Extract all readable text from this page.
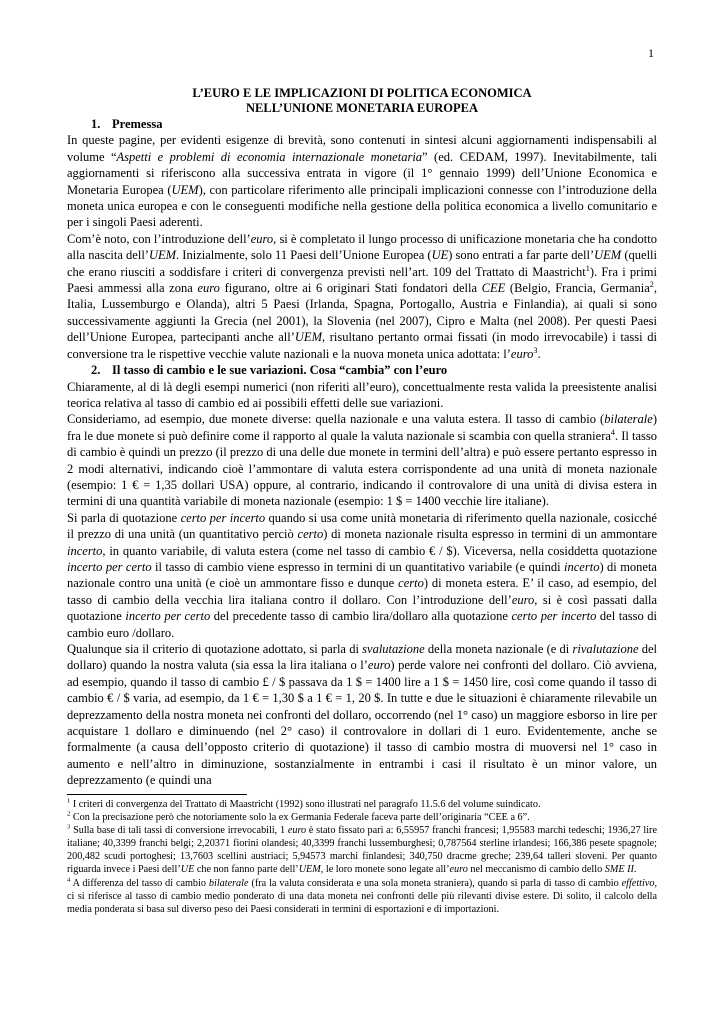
1
L’EURO E LE IMPLICAZIONI DI POLITICA ECONOMICA
NELL’UNIONE MONETARIA EUROPEA
1. Premessa
In queste pagine, per evidenti esigenze di brevità, sono contenuti in sintesi alcuni aggiornamenti indispensabili al volume “Aspetti e problemi di economia internazionale monetaria” (ed. CEDAM, 1997). Inevitabilmente, tali aggiornamenti si riferiscono alla successiva entrata in vigore (il 1° gennaio 1999) dell’Unione Economica e Monetaria Europea (UEM), con particolare riferimento alle principali implicazioni connesse con l’introduzione della moneta unica europea e con le conseguenti modifiche nella gestione della politica economica a livello comunitario e per i singoli Paesi aderenti.
Com’è noto, con l’introduzione dell’euro, si è completato il lungo processo di unificazione monetaria che ha condotto alla nascita dell’UEM. Inizialmente, solo 11 Paesi dell’Unione Europea (UE) sono entrati a far parte dell’UEM (quelli che erano riusciti a soddisfare i criteri di convergenza previsti nell’art. 109 del Trattato di Maastricht$^1$). Fra i primi Paesi ammessi alla zona euro figurano, oltre ai 6 originari Stati fondatori della CEE (Belgio, Francia, Germania$^2$, Italia, Lussemburgo e Olanda), altri 5 Paesi (Irlanda, Spagna, Portogallo, Austria e Finlandia), ai quali si sono successivamente aggiunti la Grecia (nel 2001), la Slovenia (nel 2007), Cipro e Malta (nel 2008). Per questi Paesi dell’Unione Europea, partecipanti anche all’UEM, risultano pertanto ormai fissati (in modo irrevocabile) i tassi di conversione tra le rispettive vecchie valute nazionali e la nuova moneta unica adottata: l’euro$^3$.
2. Il tasso di cambio e le sue variazioni. Cosa “cambia” con l’euro
Chiaramente, al di là degli esempi numerici (non riferiti all’euro), concettualmente resta valida la preesistente analisi teorica relativa al tasso di cambio ed ai possibili effetti delle sue variazioni.
Consideriamo, ad esempio, due monete diverse: quella nazionale e una valuta estera. Il tasso di cambio (bilaterale) fra le due monete si può definire come il rapporto al quale la valuta nazionale si scambia con quella straniera$^4$. Il tasso di cambio è quindi un prezzo (il prezzo di una delle due monete in termini dell’altra) e può essere pertanto espresso in 2 modi alternativi, indicando cioè l’ammontare di valuta estera corrispondente ad una unità di moneta nazionale (esempio: 1 € = 1,35 dollari USA) oppure, al contrario, indicando il controvalore di una unità di divisa estera in termini di una quantità variabile di moneta nazionale (esempio: 1 $ = 1400 vecchie lire italiane).
Si parla di quotazione certo per incerto quando si usa come unità monetaria di riferimento quella nazionale, cosicché il prezzo di una unità (un quantitativo perciò certo) di moneta nazionale risulta espresso in termini di un ammontare incerto, in quanto variabile, di valuta estera (come nel tasso di cambio € / $). Viceversa, nella cosiddetta quotazione incerto per certo il tasso di cambio viene espresso in termini di un quantitativo variabile (e quindi incerto) di moneta nazionale contro una unità (e cioè un ammontare fisso e dunque certo) di moneta estera. E’ il caso, ad esempio, del tasso di cambio della vecchia lira italiana contro il dollaro. Con l’introduzione dell’euro, si è così passati dalla quotazione incerto per certo del precedente tasso di cambio lira/dollaro alla quotazione certo per incerto del tasso di cambio euro /dollaro.
Qualunque sia il criterio di quotazione adottato, si parla di svalutazione della moneta nazionale (e di rivalutazione del dollaro) quando la nostra valuta (sia essa la lira italiana o l’euro) perde valore nei confronti del dollaro. Ciò avviena, ad esempio, quando il tasso di cambio £ / $ passava da 1 $ = 1400 lire a 1 $ = 1450 lire, così come quando il tasso di cambio € / $ varia, ad esempio, da 1 € = 1,30 $ a 1 € = 1, 20 $. In tutte e due le situazioni è chiaramente rilevabile un deprezzamento della nostra moneta nei confronti del dollaro, occorrendo (nel 1° caso) un maggiore esborso in lire per acquistare 1 dollaro e diminuendo (nel 2° caso) il controvalore in dollari di 1 euro. Evidentemente, anche se formalmente (a causa dell’opposto criterio di quotazione) il tasso di cambio mostra di muoversi nel 1° caso in aumento e nell’altro in diminuzione, sostanzialmente in entrambi i casi il risultato è un minor valore, un deprezzamento (e quindi una

$^1$ I criteri di convergenza del Trattato di Maastricht (1992) sono illustrati nel paragrafo 11.5.6 del volume suindicato.

$^2$ Con la precisazione però che notoriamente solo la ex Germania Federale faceva parte dell’originaria “CEE a 6”.

$^3$ Sulla base di tali tassi di conversione irrevocabili, 1 euro è stato fissato pari a: 6,55957 franchi francesi; 1,95583 marchi tedeschi; 1936,27 lire italiane; 40,3399 franchi belgi; 2,20371 fiorini olandesi; 40,3399 franchi lussemburghesi; 0,787564 sterline irlandesi; 166,386 pesete spagnole; 200,482 scudi portoghesi; 13,7603 scellini austriaci; 5,94573 marchi finlandesi; 340,750 dracme greche; 239,64 talleri sloveni. Per quanto riguarda invece i Paesi dell’UE che non fanno parte dell’UEM, le loro monete sono legate all’euro nel meccanismo di cambio dello SME II.

$^4$ A differenza del tasso di cambio bilaterale (fra la valuta considerata e una sola moneta straniera), quando si parla di tasso di cambio effettivo, ci si riferisce al tasso di cambio medio ponderato di una data moneta nei confronti delle più rilevanti divise estere. Di solito, il calcolo della media ponderata si basa sul diverso peso dei Paesi considerati in termini di esportazioni e di importazioni.
